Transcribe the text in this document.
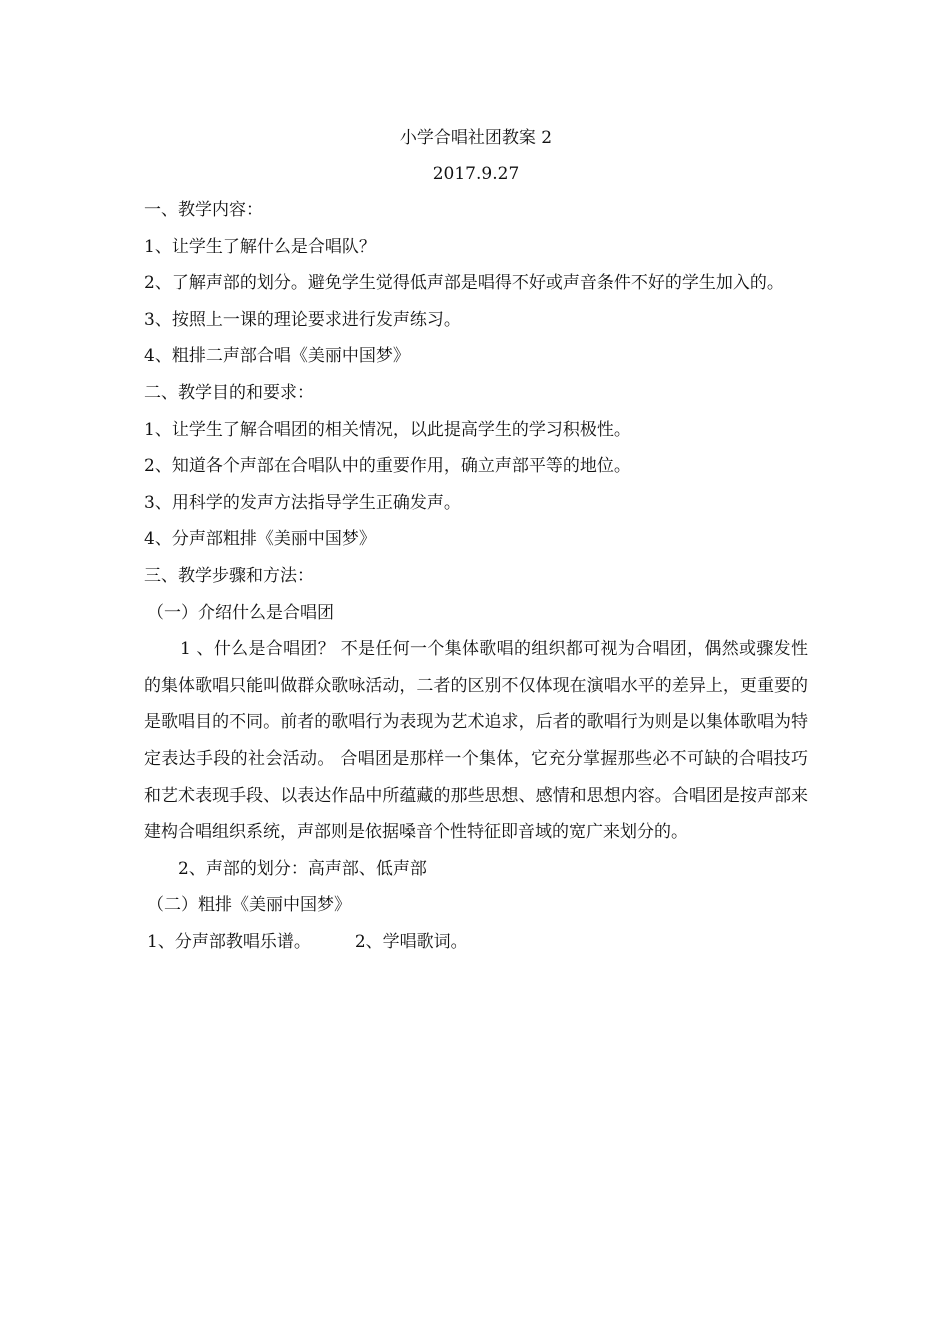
小学合唱社团教案 2
2017.9.27
一、教学内容：
1、让学生了解什么是合唱队？
2、了解声部的划分。避免学生觉得低声部是唱得不好或声音条件不好的学生加入的。
3、按照上一课的理论要求进行发声练习。
4、粗排二声部合唱《美丽中国梦》
二、教学目的和要求：
1、让学生了解合唱团的相关情况，以此提高学生的学习积极性。
2、知道各个声部在合唱队中的重要作用，确立声部平等的地位。
3、用科学的发声方法指导学生正确发声。
4、分声部粗排《美丽中国梦》
三、教学步骤和方法：
（一）介绍什么是合唱团
1 、什么是合唱团？ 不是任何一个集体歌唱的组织都可视为合唱团，偶然或骤发性的集体歌唱只能叫做群众歌咏活动，二者的区别不仅体现在演唱水平的差异上，更重要的是歌唱目的不同。前者的歌唱行为表现为艺术追求，后者的歌唱行为则是以集体歌唱为特定表达手段的社会活动。 合唱团是那样一个集体，它充分掌握那些必不可缺的合唱技巧和艺术表现手段、以表达作品中所蕴藏的那些思想、感情和思想内容。合唱团是按声部来建构合唱组织系统，声部则是依据嗓音个性特征即音域的宽广来划分的。
2、声部的划分：高声部、低声部
（二）粗排《美丽中国梦》
1、分声部教唱乐谱。	2、学唱歌词。
